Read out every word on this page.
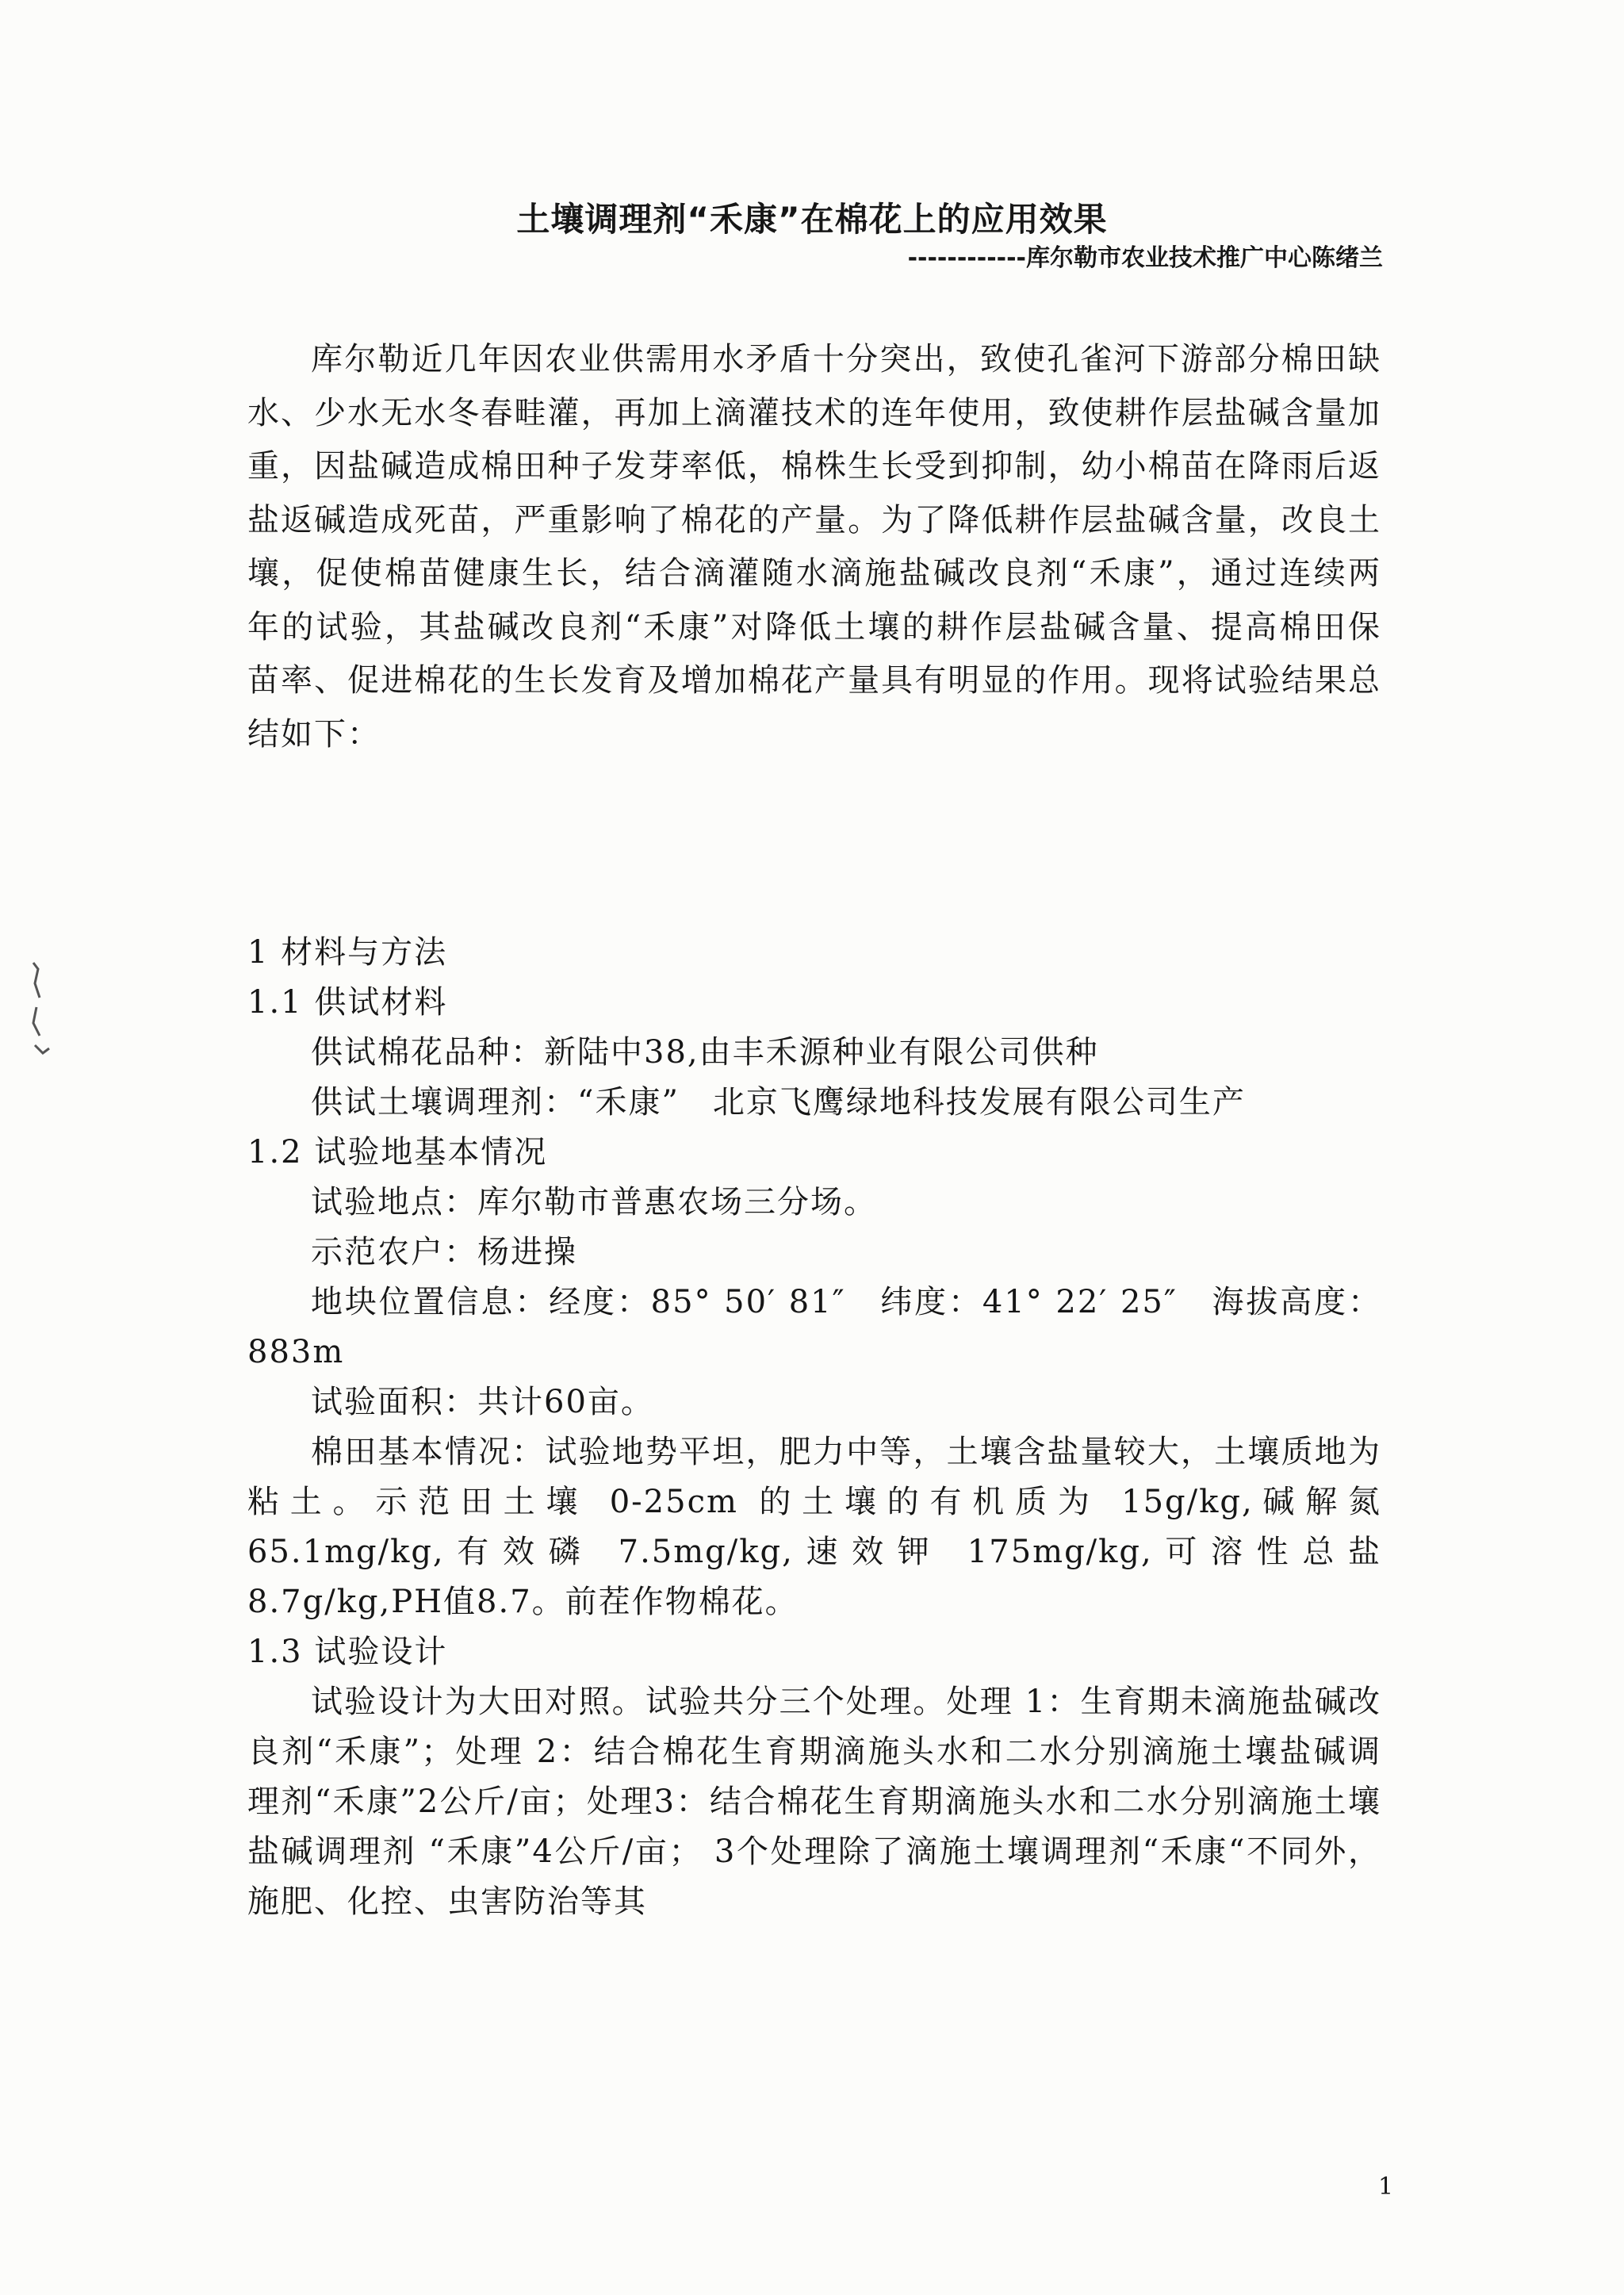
土壤调理剂“禾康”在棉花上的应用效果
------------库尔勒市农业技术推广中心陈绪兰

库尔勒近几年因农业供需用水矛盾十分突出，致使孔雀河下游部分棉田缺水、少水无水冬春畦灌，再加上滴灌技术的连年使用，致使耕作层盐碱含量加重，因盐碱造成棉田种子发芽率低，棉株生长受到抑制，幼小棉苗在降雨后返盐返碱造成死苗，严重影响了棉花的产量。为了降低耕作层盐碱含量，改良土壤，促使棉苗健康生长，结合滴灌随水滴施盐碱改良剂“禾康”，通过连续两年的试验，其盐碱改良剂“禾康”对降低土壤的耕作层盐碱含量、提高棉田保苗率、促进棉花的生长发育及增加棉花产量具有明显的作用。现将试验结果总结如下：

1 材料与方法

1.1 供试材料

供试棉花品种：新陆中38,由丰禾源种业有限公司供种

供试土壤调理剂：“禾康”　北京飞鹰绿地科技发展有限公司生产

1.2 试验地基本情况

试验地点：库尔勒市普惠农场三分场。

示范农户：杨进操

地块位置信息：经度：85° 50′ 81″　纬度：41° 22′ 25″　海拔高度：883m

试验面积：共计60亩。

棉田基本情况：试验地势平坦，肥力中等，土壤含盐量较大，土壤质地为粘土。示范田土壤 0-25cm 的土壤的有机质为 15g/kg,碱解氮 65.1mg/kg,有效磷 7.5mg/kg,速效钾 175mg/kg,可溶性总盐 8.7g/kg,PH值8.7。前茬作物棉花。

1.3 试验设计

试验设计为大田对照。试验共分三个处理。处理 1：生育期未滴施盐碱改良剂“禾康”；处理 2：结合棉花生育期滴施头水和二水分别滴施土壤盐碱调理剂“禾康”2公斤/亩；处理3：结合棉花生育期滴施头水和二水分别滴施土壤盐碱调理剂 “禾康”4公斤/亩； 3个处理除了滴施土壤调理剂“禾康“不同外，施肥、化控、虫害防治等其

1
